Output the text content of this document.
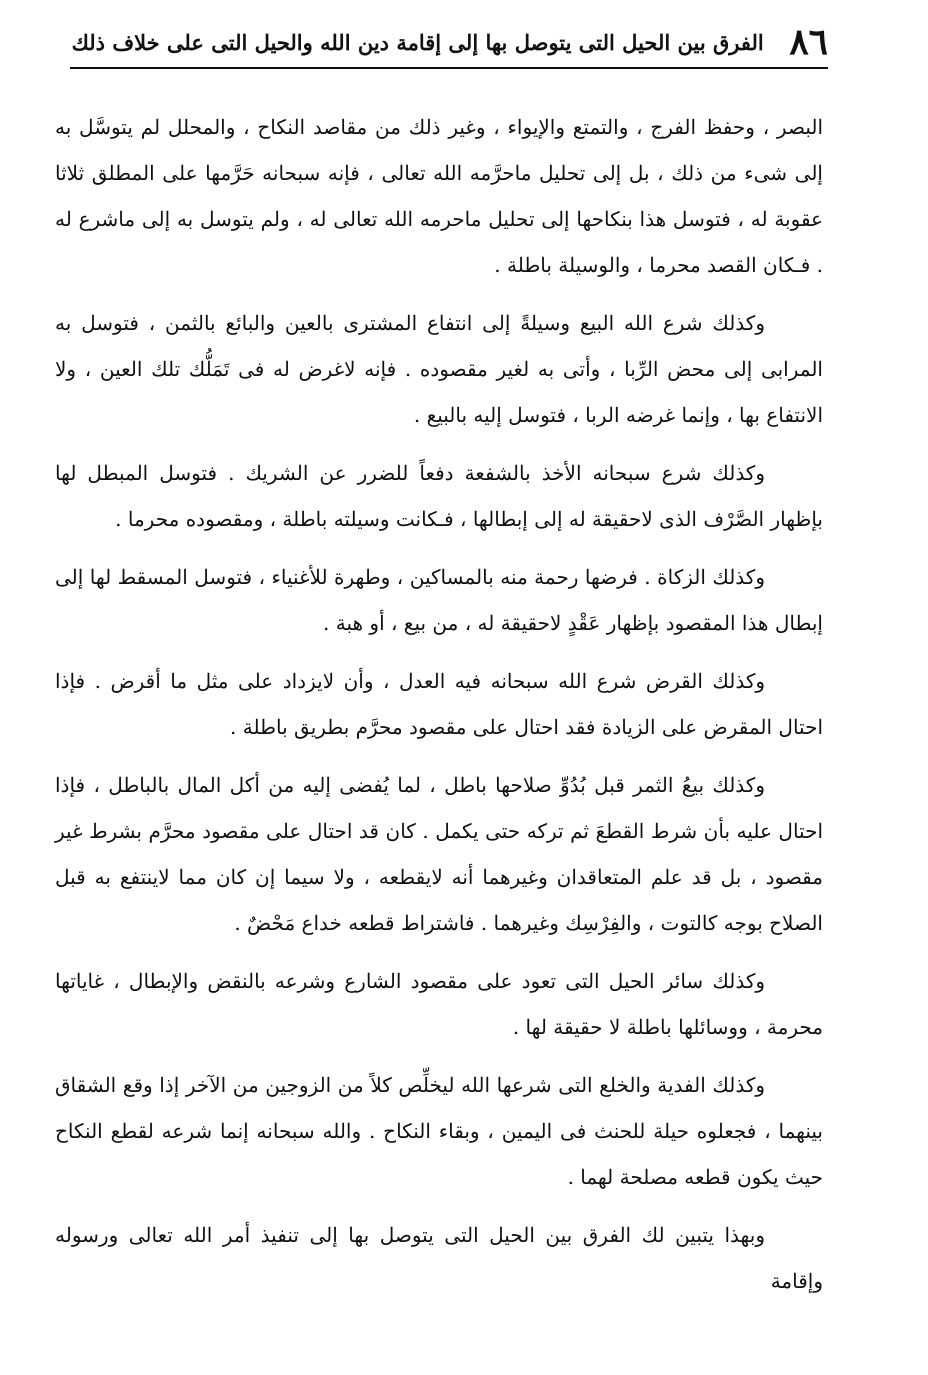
٨٦
الفرق بين الحيل التى يتوصل بها إلى إقامة دين الله والحيل التى على خلاف ذلك

البصر ، وحفظ الفرج ، والتمتع والإيواء ، وغير ذلك من مقاصد النكاح ، والمحلل لم يتوسَّل به إلى شىء من ذلك ، بل إلى تحليل ماحرَّمه الله تعالى ، فإنه سبحانه حَرَّمها على المطلق ثلاثا عقوبة له ، فتوسل هذا بنكاحها إلى تحليل ماحرمه الله تعالى له ، ولم يتوسل به إلى ماشرع له . فـكان القصد محرما ، والوسيلة باطلة .

وكذلك شرع الله البيع وسيلةً إلى انتفاع المشترى بالعين والبائع بالثمن ، فتوسل به المرابى إلى محض الرِّبا ، وأتى به لغير مقصوده . فإنه لاغرض له فى تَمَلُّك تلك العين ، ولا الانتفاع بها ، وإنما غرضه الربا ، فتوسل إليه بالبيع .

وكذلك شرع سبحانه الأخذ بالشفعة دفعاً للضرر عن الشريك . فتوسل المبطل لها بإظهار الصَّرْف الذى لاحقيقة له إلى إبطالها ، فـكانت وسيلته باطلة ، ومقصوده محرما .

وكذلك الزكاة . فرضها رحمة منه بالمساكين ، وطهرة للأغنياء ، فتوسل المسقط لها إلى إبطال هذا المقصود بإظهار عَقْدٍ لاحقيقة له ، من بيع ، أو هبة .

وكذلك القرض شرع الله سبحانه فيه العدل ، وأن لايزداد على مثل ما أقرض . فإذا احتال المقرض على الزيادة فقد احتال على مقصود محرَّم بطريق باطلة .

وكذلك بيعُ الثمر قبل بُدُوِّ صلاحها باطل ، لما يُفضى إليه من أكل المال بالباطل ، فإذا احتال عليه بأن شرط القطعَ ثم تركه حتى يكمل . كان قد احتال على مقصود محرَّم بشرط غير مقصود ، بل قد علم المتعاقدان وغيرهما أنه لايقطعه ، ولا سيما إن كان مما لاينتفع به قبل الصلاح بوجه كالتوت ، والفِرْسِك وغيرهما . فاشتراط قطعه خداع مَحْضٌ .

وكذلك سائر الحيل التى تعود على مقصود الشارع وشرعه بالنقض والإبطال ، غاياتها محرمة ، ووسائلها باطلة لا حقيقة لها .

وكذلك الفدية والخلع التى شرعها الله ليخلِّص كلاً من الزوجين من الآخر إذا وقع الشقاق بينهما ، فجعلوه حيلة للحنث فى اليمين ، وبقاء النكاح . والله سبحانه إنما شرعه لقطع النكاح حيث يكون قطعه مصلحة لهما .

وبهذا يتبين لك الفرق بين الحيل التى يتوصل بها إلى تنفيذ أمر الله تعالى ورسوله وإقامة
